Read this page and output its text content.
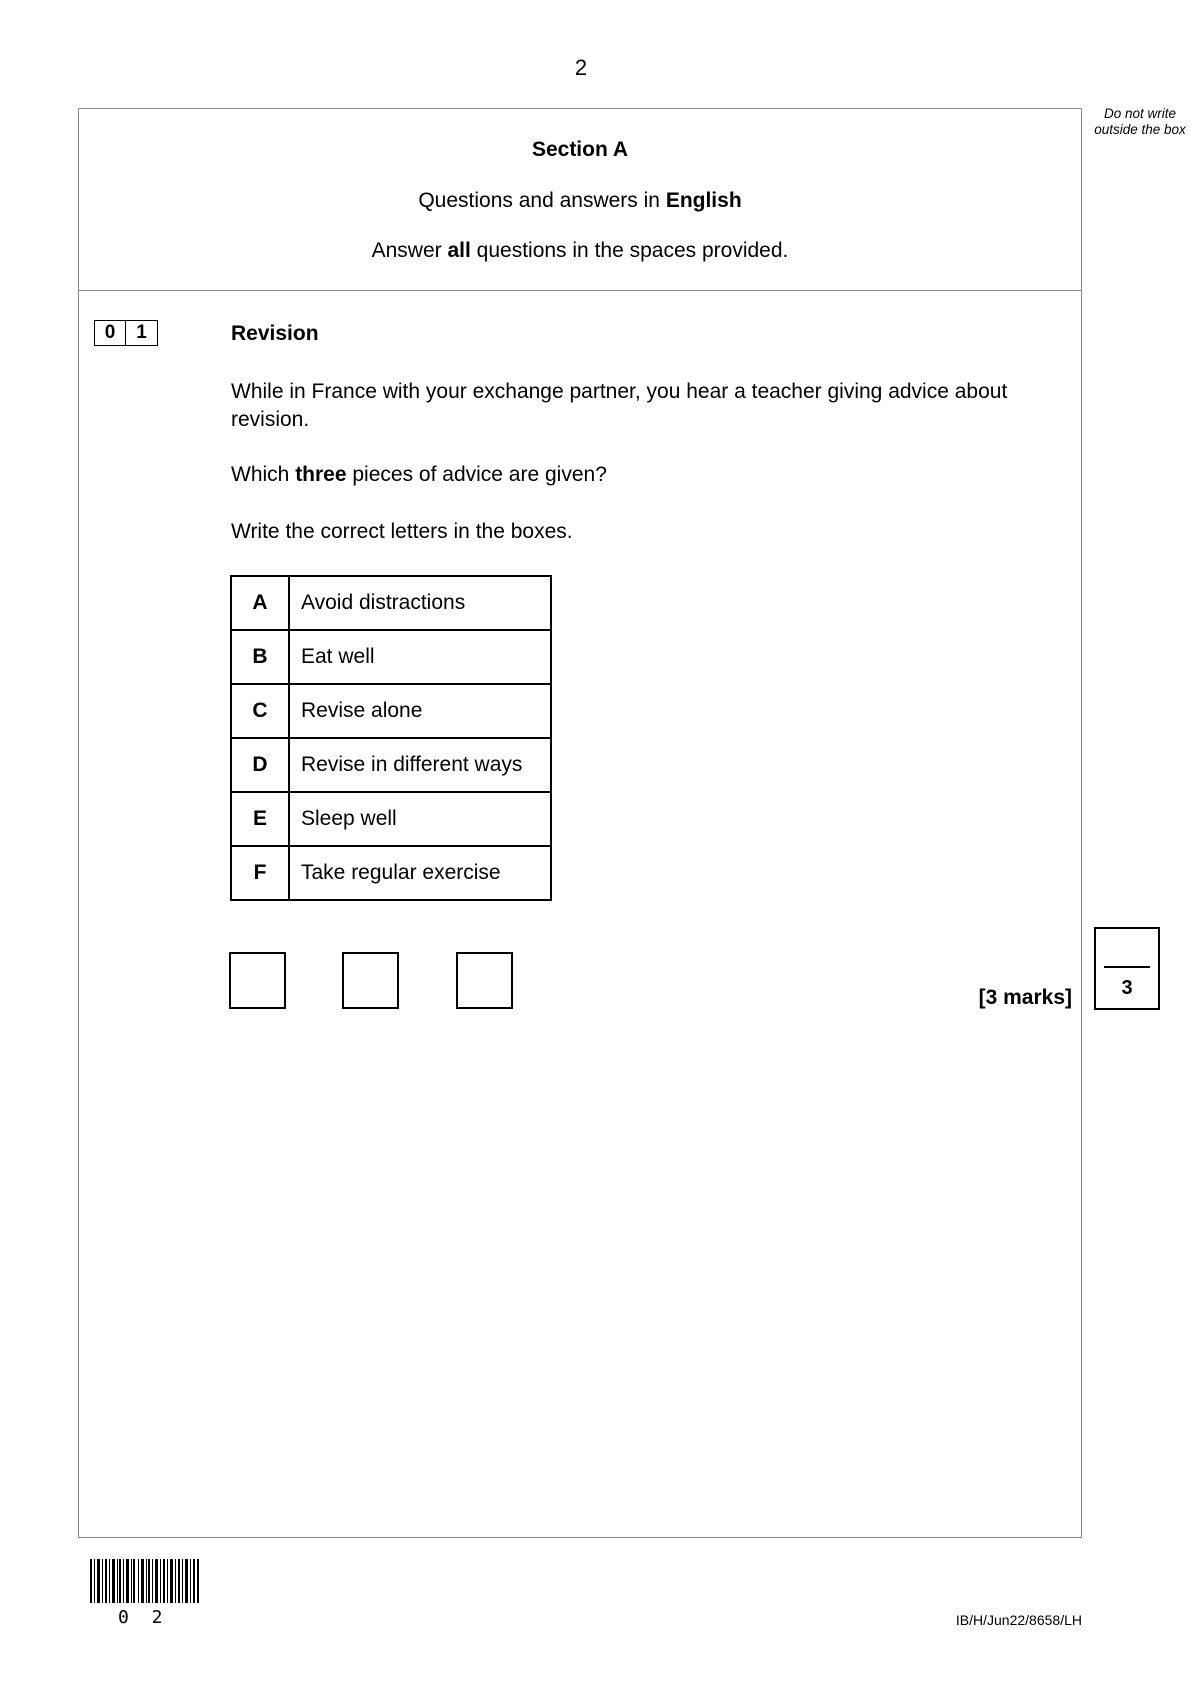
2
Do not write outside the box
Section A
Questions and answers in English
Answer all questions in the spaces provided.
0	1	Revision
While in France with your exchange partner, you hear a teacher giving advice about revision.
Which three pieces of advice are given?
Write the correct letters in the boxes.
A	Avoid distractions
B	Eat well
C	Revise alone
D	Revise in different ways
E	Sleep well
F	Take regular exercise
[3 marks]	3
0 2	IB/H/Jun22/8658/LH
